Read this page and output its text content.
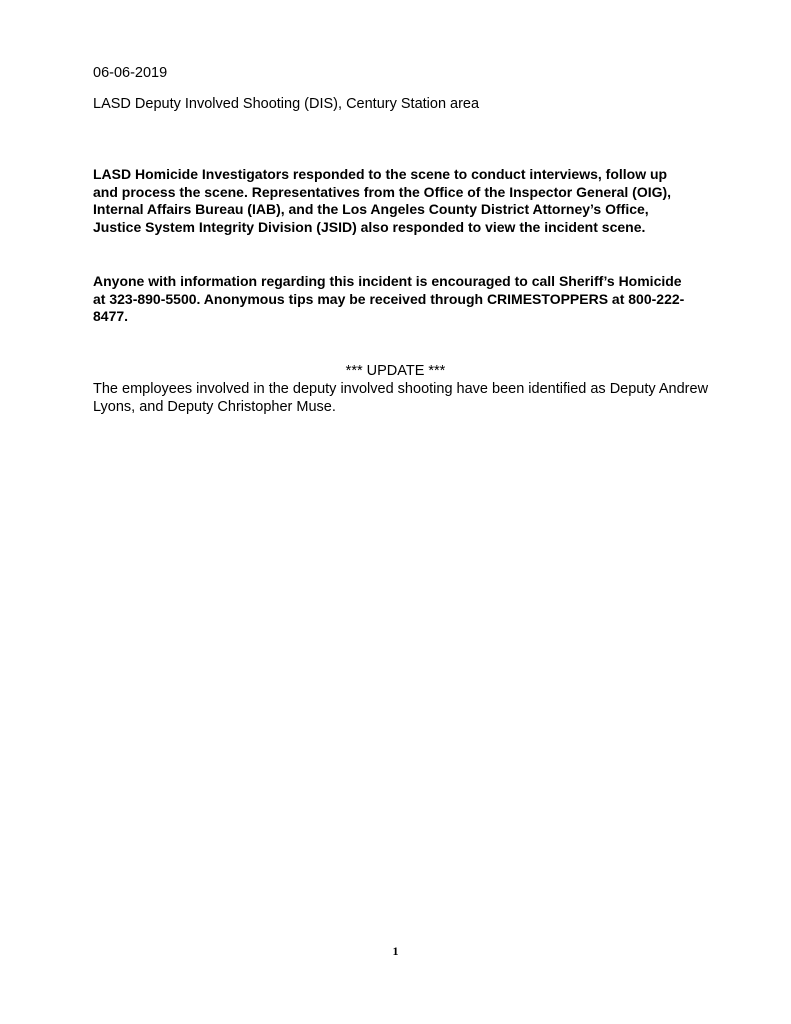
06-06-2019
LASD Deputy Involved Shooting (DIS), Century Station area
LASD Homicide Investigators responded to the scene to conduct interviews, follow up and process the scene. Representatives from the Office of the Inspector General (OIG), Internal Affairs Bureau (IAB), and the Los Angeles County District Attorney’s Office, Justice System Integrity Division (JSID) also responded to view the incident scene.
Anyone with information regarding this incident is encouraged to call Sheriff’s Homicide at 323-890-5500. Anonymous tips may be received through CRIMESTOPPERS at 800-222-8477.
*** UPDATE ***
The employees involved in the deputy involved shooting have been identified as Deputy Andrew Lyons, and Deputy Christopher Muse.
1
